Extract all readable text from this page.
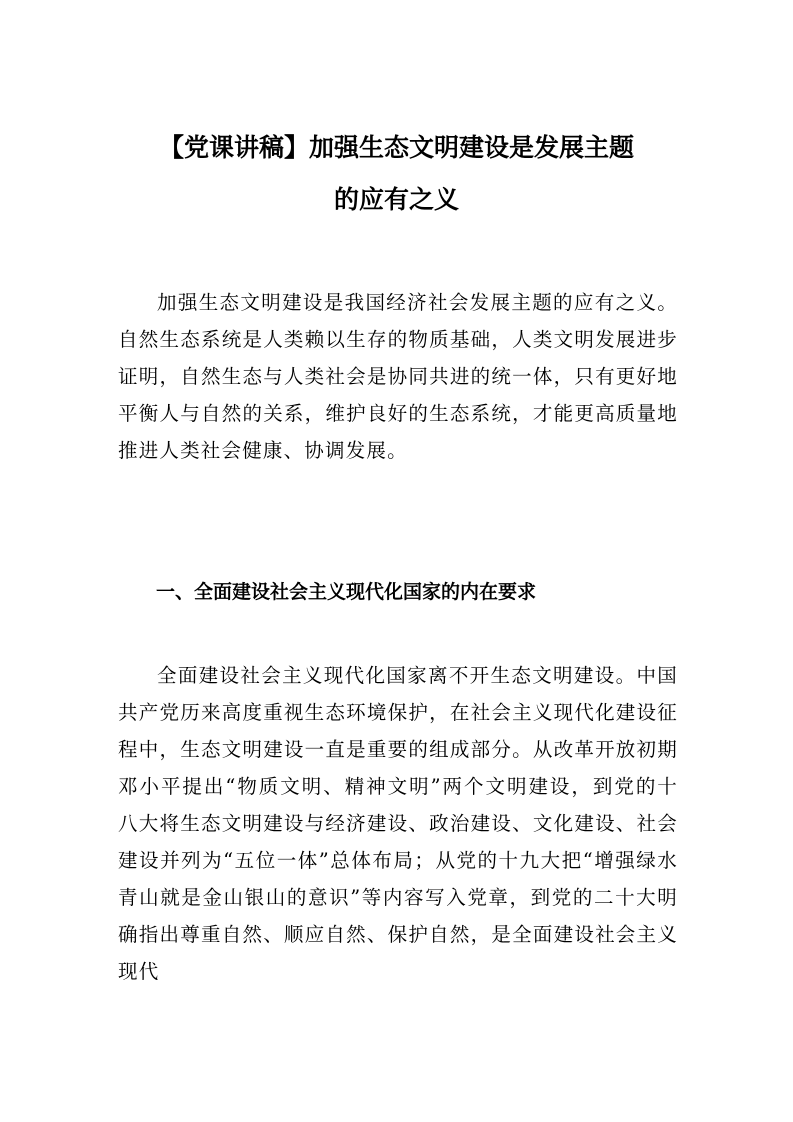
【党课讲稿】加强生态文明建设是发展主题
的应有之义

加强生态文明建设是我国经济社会发展主题的应有之义。自然生态系统是人类赖以生存的物质基础，人类文明发展进步证明，自然生态与人类社会是协同共进的统一体，只有更好地平衡人与自然的关系，维护良好的生态系统，才能更高质量地推进人类社会健康、协调发展。

一、全面建设社会主义现代化国家的内在要求

全面建设社会主义现代化国家离不开生态文明建设。中国共产党历来高度重视生态环境保护，在社会主义现代化建设征程中，生态文明建设一直是重要的组成部分。从改革开放初期邓小平提出“物质文明、精神文明”两个文明建设，到党的十八大将生态文明建设与经济建设、政治建设、文化建设、社会建设并列为“五位一体”总体布局；从党的十九大把“增强绿水青山就是金山银山的意识”等内容写入党章，到党的二十大明确指出尊重自然、顺应自然、保护自然，是全面建设社会主义现代
